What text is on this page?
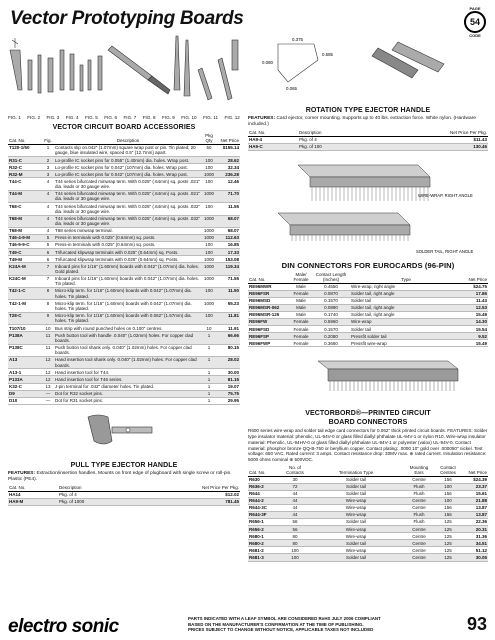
Vector Prototyping Boards	PAGE
54
CODE
FIG. 1 FIG. 2 FIG. 3 FIG. 4 FIG. 5 FIG. 6 FIG. 7 FIG. 8 FIG. 9 FIG. 10 FIG. 11 FIG. 12
VECTOR CIRCUIT BOARD ACCESSORIES
Cat. No.	Fig.	Description	Pkg Qty	Net Price
T120-1/50	1	Contacts slip on.042" (1.07mm) square wrap post or pin. Tin plated; 20 gauge, blue insulated wire, spaced 0.5" (12.7mm) apart.	50	$155.14
R31-C	2	Lo-profile IC socket pins for 0.055" (1.40mm) dia. holes. Wrap post.	100	28.62
R32-C	3	Lo-profile IC socket pins for 0.042" (107mm) dia. holes. Wrap post.	100	32.34
R32-M	3	Lo-profile IC socket pins for 0.042" (107mm) dia. holes. Wrap post.	1000	236.28
T44-C	4	T44 series bifurcated minwrap term. With 0.025" (.64mm) sq. posts .021" dia. leads or 30 gauge wire.	100	12.46
T44-M	4	T44 series bifurcated minwrap term. With 0.025" (.64mm) sq. posts .021" dia. leads or 30 gauge wire.	1000	71.70
T68-C	4	T44 series bifurcated minwrap term. With 0.025" (.64mm) sq. posts .032" dia. leads or 30 gauge wire.	100	11.55
T68-M	4	T44 series bifurcated minwrap term. With 0.025" (.64mm) sq. posts .032" dia. leads or 30 gauge wire.	1000	68.07
T68-M	4	T68 series minwrap terminal.	1000	68.07
T46-4-9-M	5	Press-in terminals with 0.025" (0.64mm) sq. posts.	1000	112.63
T46-9-9-C	5	Press-in terminals with 0.025" (0.64mm) sq. posts.	100	16.85
T49-C	6	Trifurcated klipwrap terminals with 0.025" (0.64mm) sq. Posts.	100	17.33
T49-M	6	Trifurcated klipwrap terminals with 0.025" (0.64mm) sq. Posts.	1000	153.08
K24A-M	7	Inboard pins for 1/16" (1.60mm) boards with 0.042" (1.07mm) dia. holes. Gold plated.	1000	119.34
K24C-M	7	Inboard pins for 1/16" (1.60mm) boards with 0.042" (1.07mm) dia. holes. Tin plated.	1000	71.55
T42-1-C	8	Micro-klip term. for 1/16" (1.60mm) boards with 0.042" (1.07mm) dia. holes. Tin plated.	100	11.50
T42-1-M	8	Micro-klip term. for 1/16" (1.60mm) boards with 0.042" (1.07mm) dia. holes. Tin plated.	1000	55.23
T28-C	9	Micro-klip term. for 1/16" (1.60mm) boards with 0.062" (1.57mm) dia. holes. Tin plated.	100	11.81
T107/10	10	Bus strip with round punched holes on 0.100" centres.	10	11.91
P138A	11	Push button tool with handle .0.040" (1.02mm) holes. For copper clad boards.	1	66.66
P138C	11	Push button tool shank only. 0.040" (1.02mm) holes. For copper clad boards.	1	80.15
A13	12	Hand insertion tool shank only. 0.040" (1.02mm) holes. For copper clad boards.	1	28.02
A13-1	12	Hand insertion tool for T44.	1	30.00
P133A	12	Hand insertion tool for T46 series.	1	81.15
K32-C	13	J-pin terminal for .042" diameter holes. Tin plated.	1	19.07
D9	—	Dot for R32 socket pins.	1	75.75
D10	—	Dot for R31 socket pins.	1	29.95
PULL TYPE EJECTOR HANDLE
FEATURES: Extraction/insertion handles. Mounts on front edge of plugboard with single screw or roll-pin. Plastic (PE4).
Cat. No.	Description	Net Price Per Pkg.
HA14	Pkg. of 4	$12.02
HA9-M	Pkg. of 1000	781.45
0.375
0.585
0.080
0.065
ROTATION TYPE EJECTOR HANDLE
FEATURES: Card ejector, corner mounting. Supports up to 40 lbs. extraction force. White nylon. (Hardware included.)
Cat. No.	Description	Net Price Per Pkg.
HA9-4	Pkg. of 4	$11.43
HA9-C	Pkg. of 100	130.46
WIRE-WRAP, RIGHT ANGLE
SOLDER TAIL, RIGHT ANGLE
DIN CONNECTORS FOR EUROCARDS (96-PIN)
Cat. No.	Male/ Female	Contact Length (Inches)	Type	Net Price
RE96MWR	Male	0.4550	Wire-wrap, right angle	$24.75
RE96FSR	Female	0.0870	Solder tail, right angle	17.86
RE96MSD	Male	0.1570	Solder tail	11.43
RE96MSR-062	Male	0.0890	Solder tail, right angle	12.53
RE96MSR-125	Male	0.1740	Solder tail, right angle	15.49
RE96FW	Female	0.5960	Wire-wrap	14.30
RE96FSD	Female	0.1570	Solder tail	15.54
RE96FSP	Female	0.2080	Pressfit solder tail	9.52
RE96FWP	Female	0.3660	Pressfit wire-wrap	15.49
VECTORBORD®—PRINTED CIRCUIT
BOARD CONNECTORS

R600 series wire-wrap and solder tail edge card connectors for 0.062" thick printed circuit boards. FEATURES: Solder type insulator material: phenolic, UL-94V-0 or glass filled diallyl phthalate UL-94V-1 or nylon R10. Wire-wrap insulator material: Phenolic, UL-94HV-0 or glass filled diallyl phthalate UL-94V-1 or polyester (valox) UL-94V-0. Contact material: phosphor bronze QQ-B-750 or beryllium copper. Contact plating: .0000 10" gold over .000050" nickel. Test voltage: 650 VAC. Rated current: 3 amps. Contact resistance drop: 30MV max. ⊕ rated current. Insulation resistance: 5000 ohms nominal ⊕ 500VDC.

Cat. No.	No. of Contacts	Termination Type	Mounting Ears	Contact Centres	Net Price
R630	30	Solder tail	Centre	156	$24.39
R636-2	72	Solder tail	Flush	100	23.37
R644	44	Solder tail	Flush	156	15.61
R644-2	44	Wire-wrap	Centre	100	21.88
R644-3C	44	Wire-wrap	Centre	156	13.87
R644-3F	44	Wire-wrap	Flush	156	13.87
R656-1	56	Solder tail	Flush	125	22.36
R656-2	56	Wire-wrap	Centre	125	20.31
R680-1	80	Wire-wrap	Centre	125	31.36
R680-2	80	Solder tail	Centre	125	34.51
R681-2	100	Wire-wrap	Centre	125	51.12
R681-3	100	Solder tail	Centre	125	30.05
electro sonic	PARTS INDICATED WITH A LEAF SYMBOL ARE CONSIDERED RoHS JULY 2006 COMPLIANT
BASED ON THE MANUFACTURER'S CONFIRMATION AT THE TIME OF PUBLISHING.
PRICES SUBJECT TO CHANGE WITHOUT NOTICE, APPLICABLE TAXES NOT INCLUDED	93
